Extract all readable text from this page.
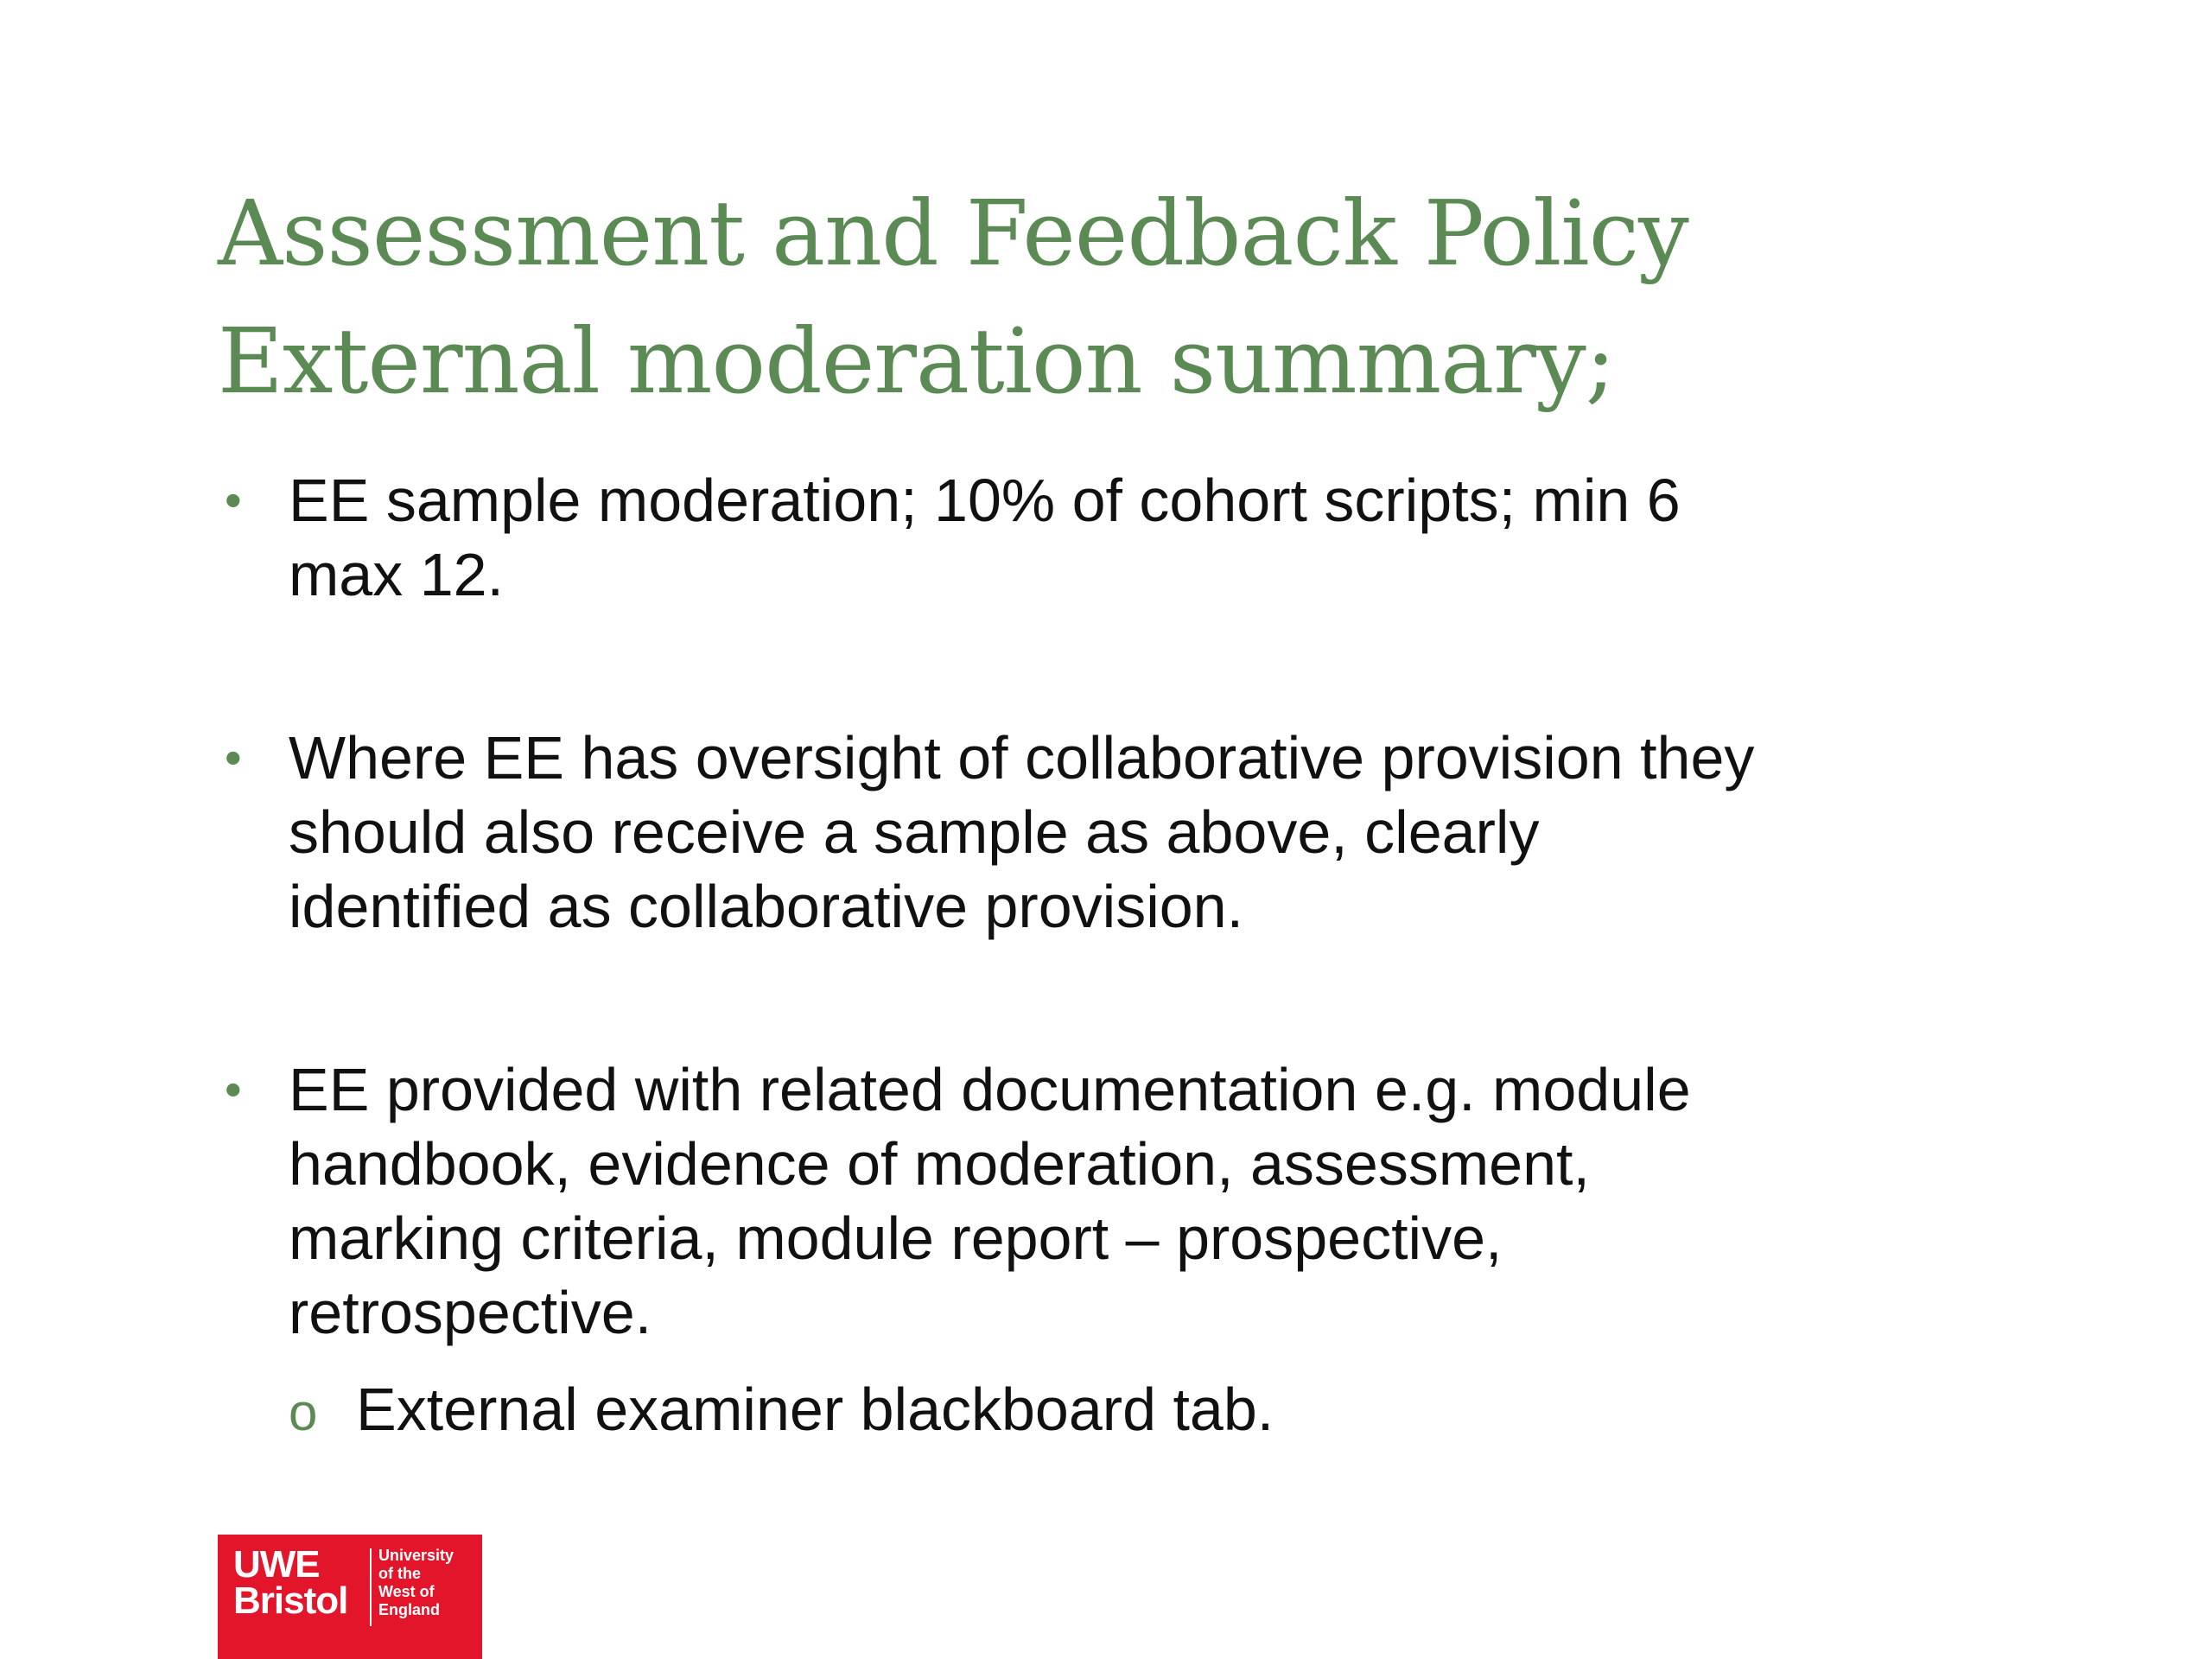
Assessment and Feedback Policy
External moderation summary;
• EE sample moderation; 10% of cohort scripts; min 6
max 12.
• Where EE has oversight of collaborative provision they
should also receive a sample as above, clearly
identified as collaborative provision.
• EE provided with related documentation e.g. module
handbook, evidence of moderation, assessment,
marking criteria, module report – prospective,
retrospective.
o External examiner blackboard tab.
UWE
Bristol
University
of the
West of
England
